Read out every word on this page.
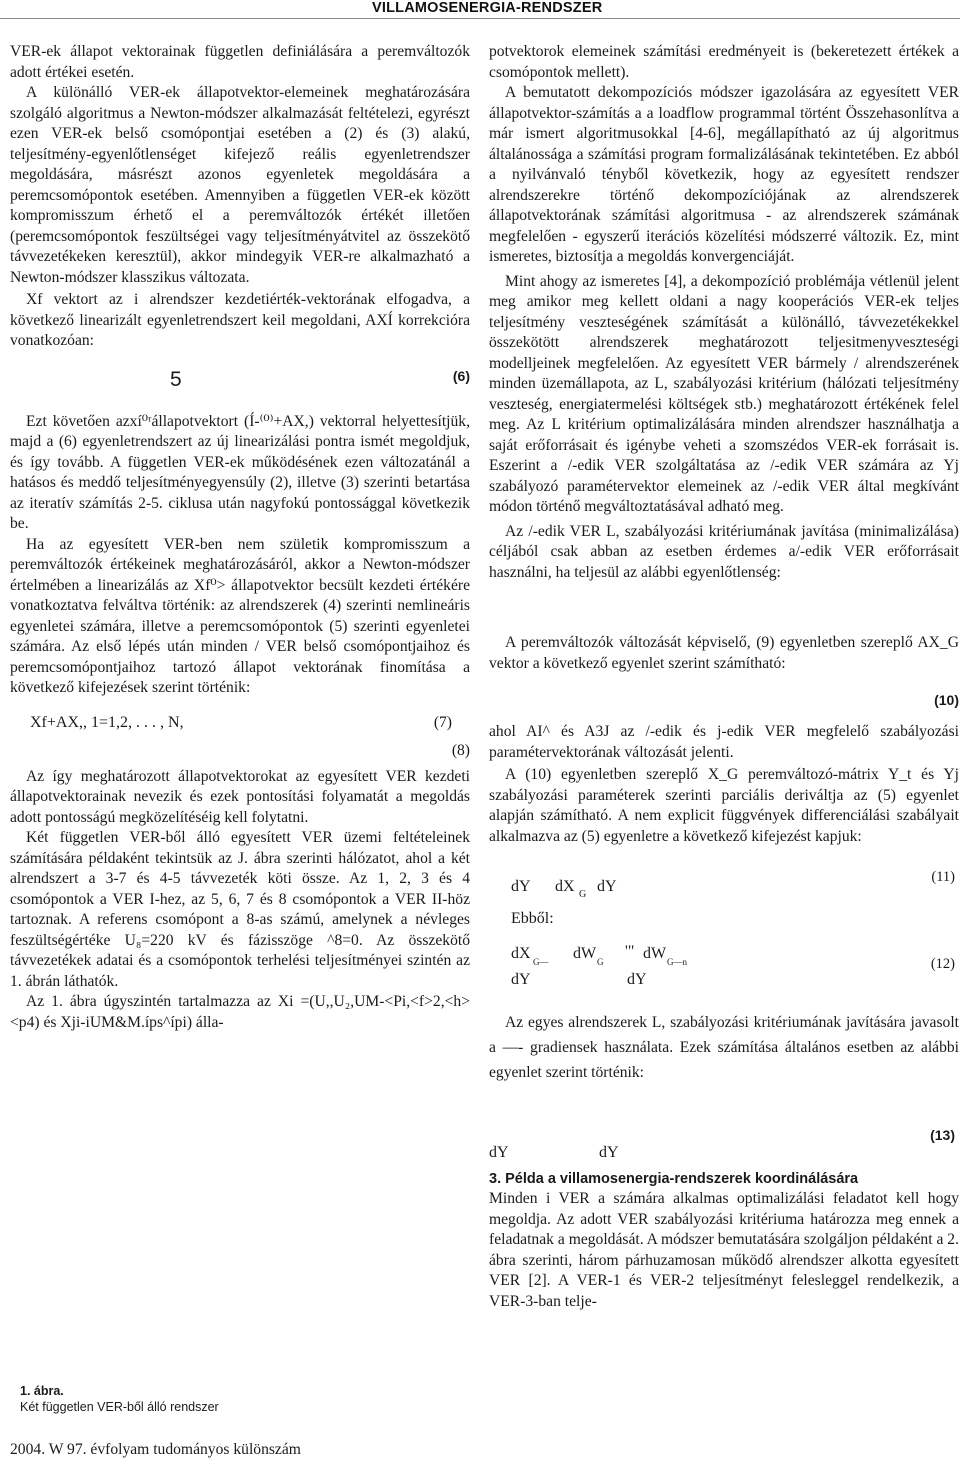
VILLAMOSENERGIA-RENDSZER

VER-ek állapot vektorainak független definiálására a peremváltozók adott értékei esetén.

A különálló VER-ek állapotvektor-elemeinek meghatározására szolgáló algoritmus a Newton-módszer alkalmazását feltételezi, egyrészt ezen VER-ek belső csomópontjai esetében a (2) és (3) alakú, teljesítmény-egyenlőtlenséget kifejező reális egyenletrendszer megoldására, másrészt azonos egyenletek megoldására a peremcsomópontok esetében. Amennyiben a független VER-ek között kompromisszum érhető el a peremváltozók értékét illetően (peremcsomópontok feszültségei vagy teljesítményátvitel az összekötő távvezetékeken keresztül), akkor mindegyik VER-re alkalmazható a Newton-módszer klasszikus változata.

Xf vektort az i alrendszer kezdetiérték-vektorának elfogadva, a következő linearizált egyenletrendszert keil megoldani, AXÍ korrekcióra vonatkozóan:

5	(6)

Ezt követően azxí⁰ʳállapotvektort (Í-⁽⁰⁾+AX,) vektorral helyettesítjük, majd a (6) egyenletrendszert az új linearizálási pontra ismét megoldjuk, és így tovább. A független VER-ek működésének ezen változatánál a hatásos és meddő teljesítményegyensúly (2), illetve (3) szerinti betartása az iteratív számítás 2-5. ciklusa után nagyfokú pontossággal következik be.

Ha az egyesített VER-ben nem születik kompromisszum a peremváltozók értékeinek meghatározásáról, akkor a Newton-módszer értelmében a linearizálás az Xf⁰> állapotvektor becsült kezdeti értékére vonatkoztatva felváltva történik: az alrendszerek (4) szerinti nemlineáris egyenletei számára, illetve a peremcsomópontok (5) szerinti egyenletei számára. Az első lépés után minden / VER belső csomópontjaihoz és peremcsomópontjaihoz tartozó állapot vektorának finomítása a következő kifejezések szerint történik:

Xf+AX,, 1=1,2, . . . , N,	(7)
(8)

Az így meghatározott állapotvektorokat az egyesített VER kezdeti állapotvektorainak nevezik és ezek pontosítási folyamatát a megoldás adott pontosságú megközelítéséig kell folytatni.

Két független VER-ből álló egyesített VER üzemi feltételeinek számítására példaként tekintsük az J. ábra szerinti hálózatot, ahol a két alrendszert a 3-7 és 4-5 távvezeték köti össze. Az 1, 2, 3 és 4 csomópontok a VER I-hez, az 5, 6, 7 és 8 csomópontok a VER II-höz tartoznak. A referens csomópont a 8-as számú, amelynek a névleges feszültségértéke U₈=220 kV és fázisszöge ^8=0. Az összekötő távvezetékek adatai és a csomópontok terhelési teljesítményei szintén az 1. ábrán láthatók.

Az 1. ábra úgyszintén tartalmazza az Xi =(U,,U₂,UM-<Pi,<f>2,<h><p4) és Xji-iUM&M.íps^ípi) álla-

1. ábra.
Két független VER-ből álló rendszer
2004. W 97. évfolyam tudományos különszám

potvektorok elemeinek számítási eredményeit is (bekeretezett értékek a csomópontok mellett).

A bemutatott dekompozíciós módszer igazolására az egyesített VER állapotvektor-számítás a a loadflow programmal történt Összehasonlítva a már ismert algoritmusokkal [4-6], megállapítható az új algoritmus általánossága a számítási program formalizálásának tekintetében. Ez abból a nyilvánvaló tényből következik, hogy az egyesített rendszer alrendszerekre történő dekompozíciójának az alrendszerek állapotvektorának számítási algoritmusa - az alrendszerek számának megfelelően - egyszerű iterációs közelítési módszerré változik. Ez, mint ismeretes, biztosítja a megoldás konvergenciáját.

Mint ahogy az ismeretes [4], a dekompozíció problémája vétlenül jelent meg amikor meg kellett oldani a nagy kooperációs VER-ek teljes teljesítmény veszteségének számítását a különálló, távvezetékekkel összekötött alrendszerek meghatározott teljesitmenyveszteségi modelljeinek megfelelően. Az egyesített VER bármely / alrendszerének minden üzemállapota, az L, szabályozási kritérium (hálózati teljesítmény veszteség, energiatermelési költségek stb.) meghatározott értékének felel meg. Az L kritérium optimalizálására minden alrendszer használhatja a saját erőforrásait és igénybe veheti a szomszédos VER-ek forrásait is. Eszerint a /-edik VER szolgáltatása az /-edik VER számára az Yj szabályozó paramétervektor elemeinek az /-edik VER által megkívánt módon történő megváltoztatásával adható meg.

Az /-edik VER L, szabályozási kritériumának javítása (minimalizálása) céljából csak abban az esetben érdemes a/-edik VER erőforrásait használni, ha teljesül az alábbi egyenlőtlenség:

A peremváltozók változását képviselő, (9) egyenletben szereplő AX_G vektor a következő egyenlet szerint számítható:

(10)

ahol AI^ és A3J az /-edik és j-edik VER megfelelő szabályozási paramétervektorának változását jelenti.

A (10) egyenletben szereplő X_G peremváltozó-mátrix Y_t és Yj szabályozási paraméterek szerinti parciális deriváltja az (5) egyenlet alapján számítható. A nem explicit függvények differenciálási szabályait alkalmazva az (5) egyenletre a következő kifejezést kapjuk:

dY dX G dY
(11)
Ebből:
dX G— dW G
'" dW G—n
dY	dY
(12)

Az egyes alrendszerek L, szabályozási kritériumának javítására javasolt a —- gradiensek használata. Ezek számítása általános esetben az alábbi egyenlet szerint történik:

dY	dY
(13)

3. Példa a villamosenergia-rendszerek koordinálására

Minden i VER a számára alkalmas optimalizálási feladatot kell hogy megoldja. Az adott VER szabályozási kritériuma határozza meg ennek a feladatnak a megoldását. A módszer bemutatására szolgáljon példaként a 2. ábra szerinti, három párhuzamosan működő alrendszer alkotta egyesített VER [2]. A VER-1 és VER-2 teljesítményt felesleggel rendelkezik, a VER-3-ban telje-
